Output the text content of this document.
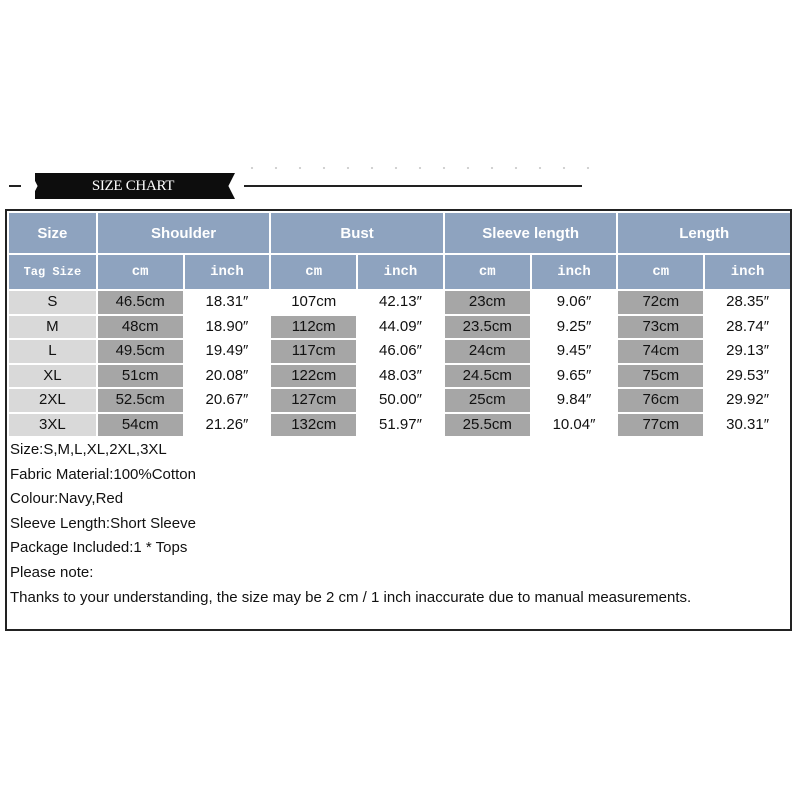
SIZE CHART
Size	Shoulder		Bust		Sleeve length		Length	
Tag Size	cm	inch	cm	inch	cm	inch	cm	inch
S	46.5cm	18.31″	107cm	42.13″	23cm	9.06″	72cm	28.35″
M	48cm	18.90″	112cm	44.09″	23.5cm	9.25″	73cm	28.74″
L	49.5cm	19.49″	117cm	46.06″	24cm	9.45″	74cm	29.13″
XL	51cm	20.08″	122cm	48.03″	24.5cm	9.65″	75cm	29.53″
2XL	52.5cm	20.67″	127cm	50.00″	25cm	9.84″	76cm	29.92″
3XL	54cm	21.26″	132cm	51.97″	25.5cm	10.04″	77cm	30.31″
Size:S,M,L,XL,2XL,3XL
Fabric Material:100%Cotton
Colour:Navy,Red
Sleeve Length:Short Sleeve
Package Included:1 * Tops
Please note:
Thanks to your understanding, the size may be 2 cm / 1 inch inaccurate due to manual measurements.
